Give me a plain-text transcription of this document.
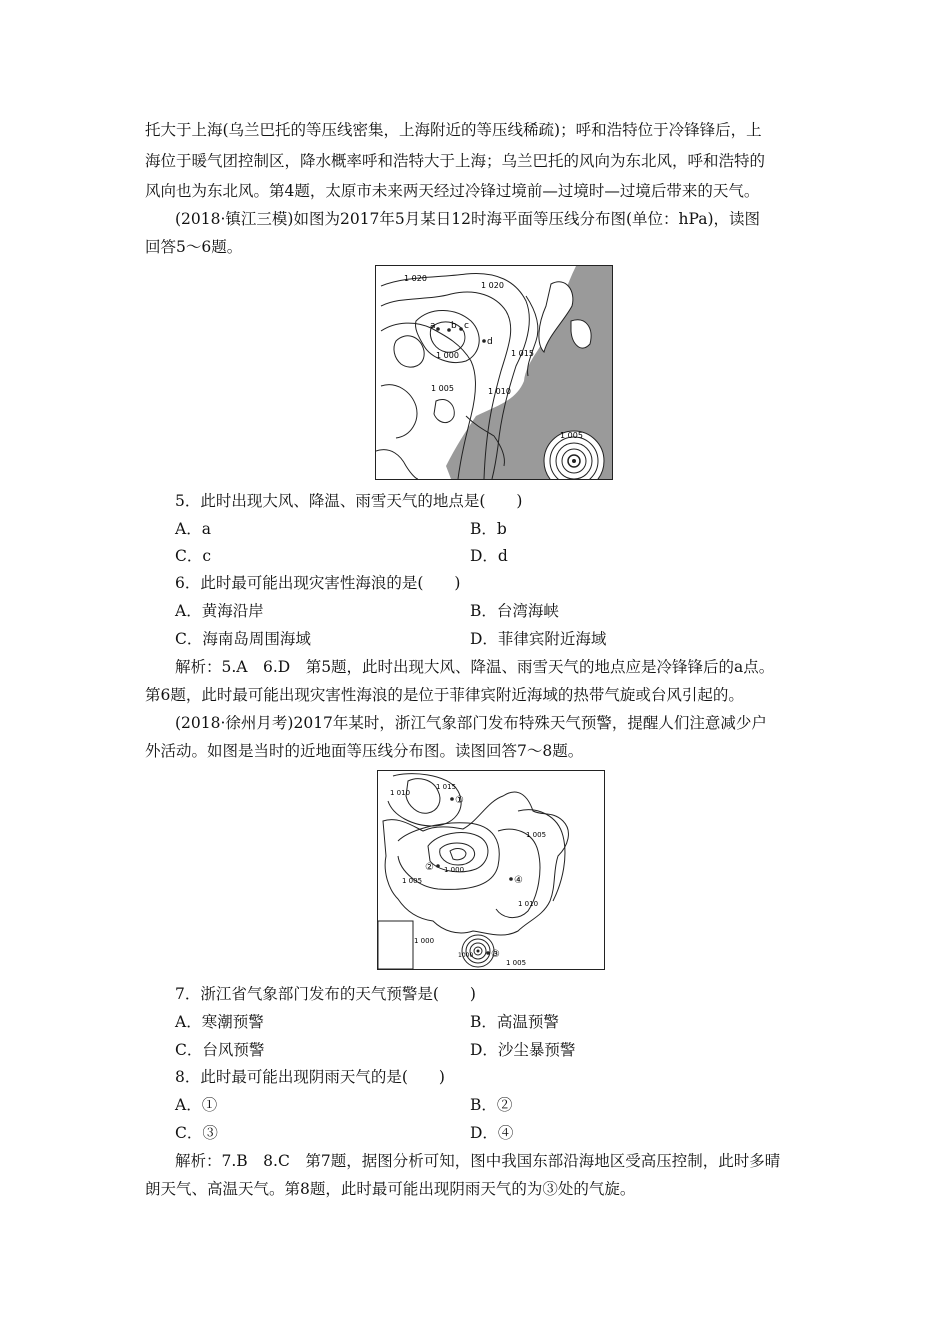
托大于上海(乌兰巴托的等压线密集，上海附近的等压线稀疏)；呼和浩特位于冷锋锋后，上
海位于暖气团控制区，降水概率呼和浩特大于上海；乌兰巴托的风向为东北风，呼和浩特的
风向也为东北风。第4题，太原市未来两天经过冷锋过境前—过境时—过境后带来的天气。
(2018·镇江三模)如图为2017年5月某日12时海平面等压线分布图(单位：hPa)，读图
回答5～6题。
1 020
1 020
1 000
1 005	1 010
1 015
1 005
a b c
d
5．此时出现大风、降温、雨雪天气的地点是(　　)
A．a	B．b
C．c	D．d
6．此时最可能出现灾害性海浪的是(　　)
A．黄海沿岸	B．台湾海峡
C．海南岛周围海域	D．菲律宾附近海域
解析：5.A　6.D　第5题，此时出现大风、降温、雨雪天气的地点应是冷锋锋后的a点。
第6题，此时最可能出现灾害性海浪的是位于菲律宾附近海域的热带气旋或台风引起的。
(2018·徐州月考)2017年某时，浙江气象部门发布特殊天气预警，提醒人们注意减少户
外活动。如图是当时的近地面等压线分布图。读图回答7～8题。
1 015
1 010
1 005
1 000
1 005
1 010
1 000
1000
1 005
①
②
③
④
7．浙江省气象部门发布的天气预警是(　　)
A．寒潮预警	B．高温预警
C．台风预警	D．沙尘暴预警
8．此时最可能出现阴雨天气的是(　　)
A．①	B．②
C．③	D．④
解析：7.B　8.C　第7题，据图分析可知，图中我国东部沿海地区受高压控制，此时多晴
朗天气、高温天气。第8题，此时最可能出现阴雨天气的为③处的气旋。
